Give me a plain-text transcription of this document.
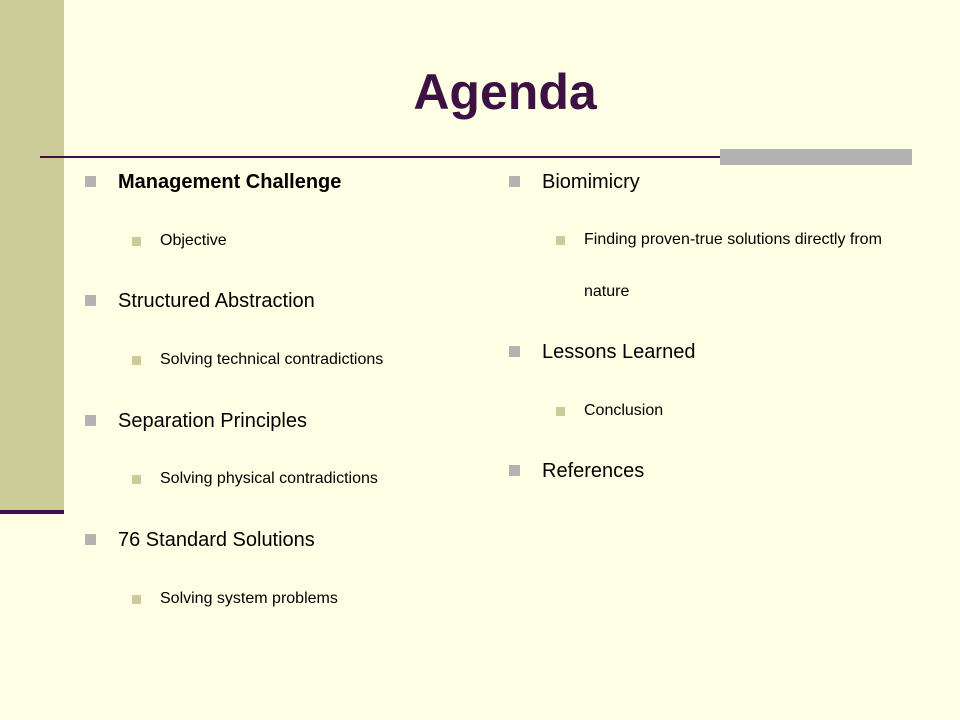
Agenda
Management Challenge
Objective
Structured Abstraction
Solving technical contradictions
Separation Principles
Solving physical contradictions
76 Standard Solutions
Solving system problems
Biomimicry
Finding proven-true solutions directly from nature
Lessons Learned
Conclusion
References
